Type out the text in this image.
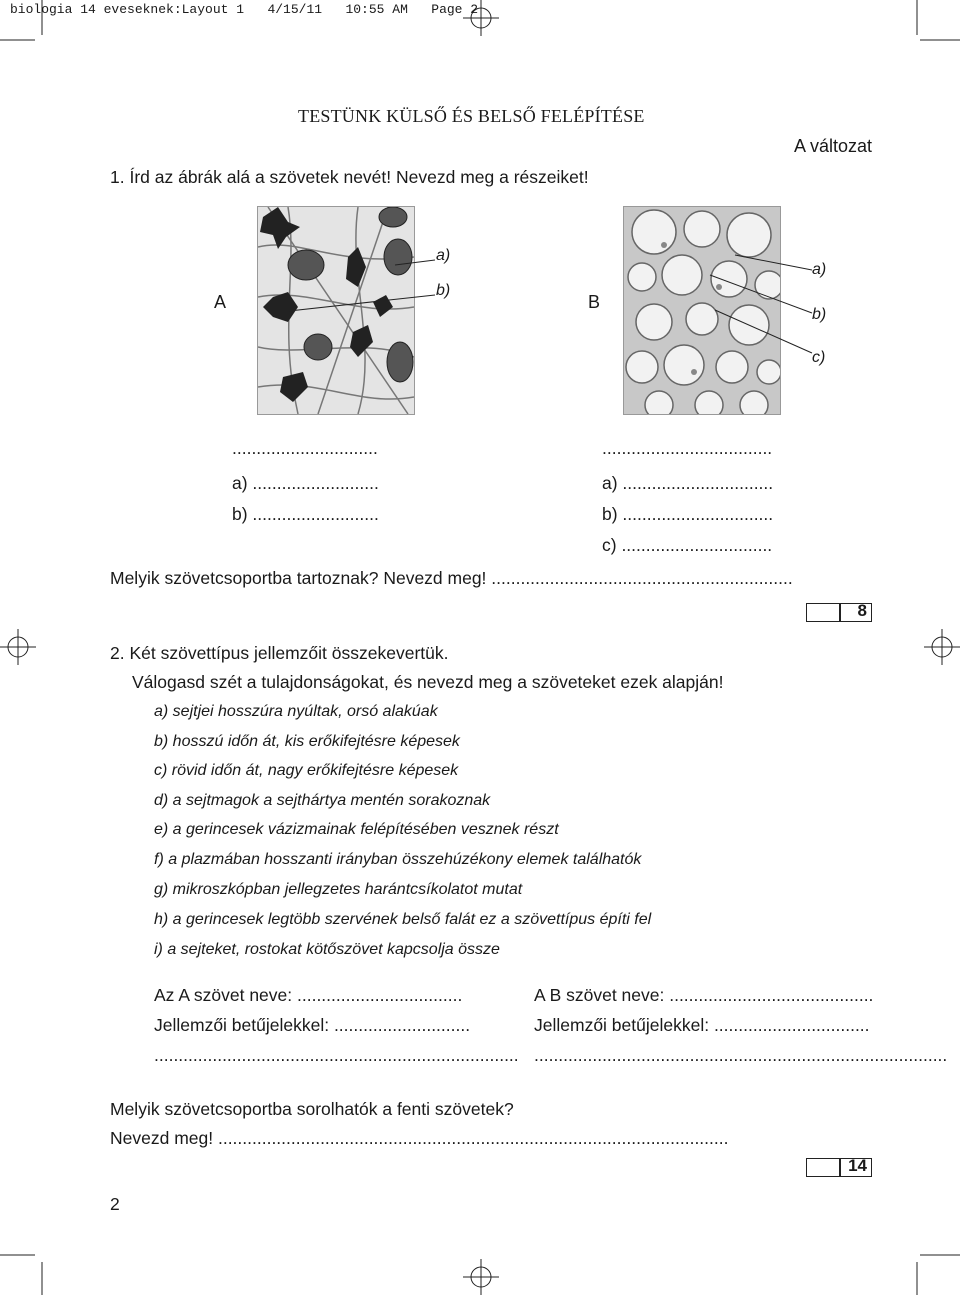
biologia 14 eveseknek:Layout 1   4/15/11   10:55 AM   Page 2
TESTÜNK KÜLSŐ ÉS BELSŐ FELÉPÍTÉSE
A változat
1. Írd az ábrák alá a szövetek nevét! Nevezd meg a részeiket!
A
a)
b)
B
a)
b)
c)
..............................
a) ..........................
b) ..........................
...................................
a) ...............................
b) ...............................
c) ...............................
Melyik szövetcsoportba tartoznak? Nevezd meg! ..............................................................
8
2. Két szövettípus jellemzőit összekevertük.
Válogasd szét a tulajdonságokat, és nevezd meg a szöveteket ezek alapján!
a) sejtjei hosszúra nyúltak, orsó alakúak
b) hosszú időn át, kis erőkifejtésre képesek
c) rövid időn át, nagy erőkifejtésre képesek
d) a sejtmagok a sejthártya mentén sorakoznak
e) a gerincesek vázizmainak felépítésében vesznek részt
f) a plazmában hosszanti irányban összehúzékony elemek találhatók
g) mikroszkópban jellegzetes harántcsíkolatot mutat
h) a gerincesek legtöbb szervének belső falát ez a szövettípus építi fel
i) a sejteket, rostokat kötőszövet kapcsolja össze
Az A szövet neve: ..................................
Jellemzői betűjelekkel: ............................
...........................................................................
A B szövet neve: ..........................................
Jellemzői betűjelekkel: ................................
.....................................................................................
Melyik szövetcsoportba sorolhatók a fenti szövetek?
Nevezd meg! .........................................................................................................
14
2
